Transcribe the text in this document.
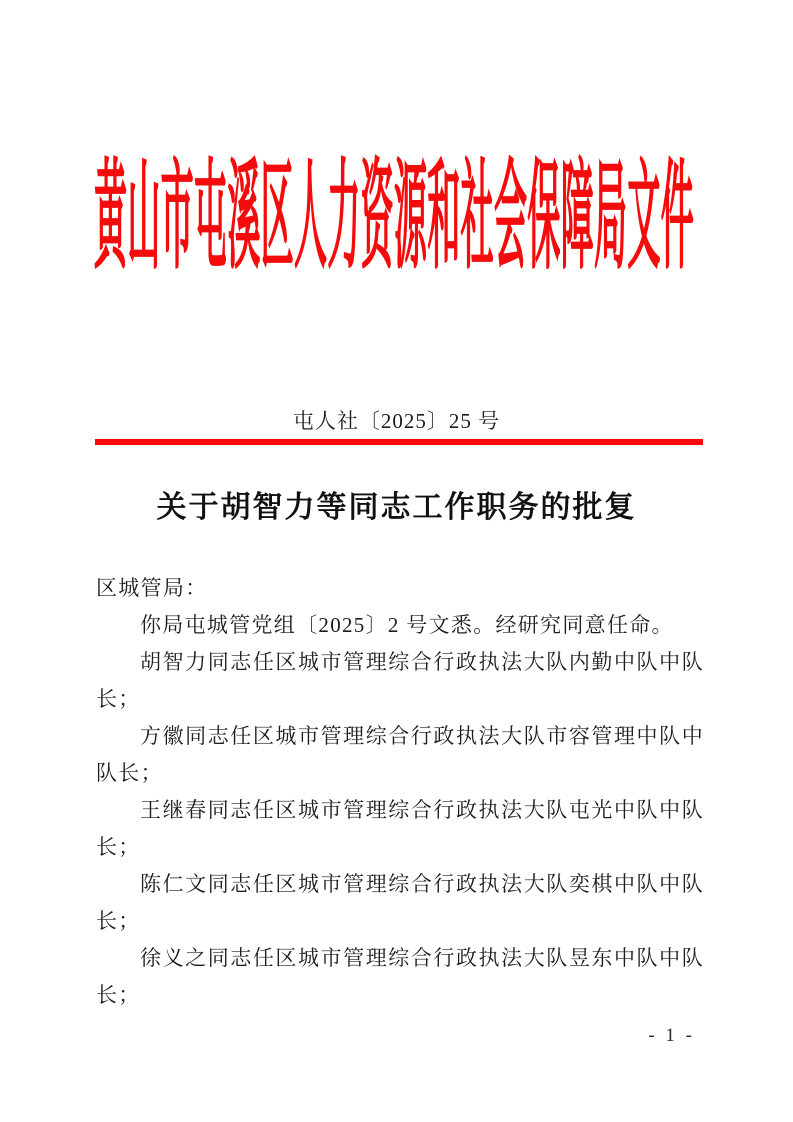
黄山市屯溪区人力资源和社会保障局文件
屯人社〔2025〕25 号
关于胡智力等同志工作职务的批复
区城管局：
你局屯城管党组〔2025〕2 号文悉。经研究同意任命。
胡智力同志任区城市管理综合行政执法大队内勤中队中队
长；
方徽同志任区城市管理综合行政执法大队市容管理中队中
队长；
王继春同志任区城市管理综合行政执法大队屯光中队中队
长；
陈仁文同志任区城市管理综合行政执法大队奕棋中队中队
长；
徐义之同志任区城市管理综合行政执法大队昱东中队中队
长；
- 1 -
